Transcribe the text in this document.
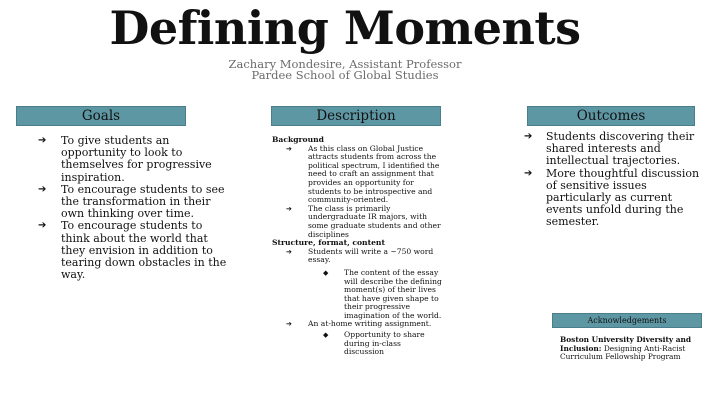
Defining Moments
Zachary Mondesire, Assistant Professor
Pardee School of Global Studies
Goals
➔ To give students an opportunity to look to themselves for progressive inspiration.
➔ To encourage students to see the transformation in their own thinking over time.
➔ To encourage students to think about the world that they envision in addition to tearing down obstacles in the way.
Description
Background
➔ As this class on Global Justice attracts students from across the political spectrum, I identified the need to craft an assignment that provides an opportunity for students to be introspective and community-oriented.
➔ The class is primarily undergraduate IR majors, with some graduate students and other disciplines
Structure, format, content
➔ Students will write a ~750 word essay.
◆ The content of the essay will describe the defining moment(s) of their lives that have given shape to their progressive imagination of the world.
➔ An at-home writing assignment.
◆ Opportunity to share during in-class discussion
Outcomes
➔ Students discovering their shared interests and intellectual trajectories.
➔ More thoughtful discussion of sensitive issues particularly as current events unfold during the semester.
Acknowledgements
Boston University Diversity and Inclusion: Designing Anti-Racist Curriculum Fellowship Program
